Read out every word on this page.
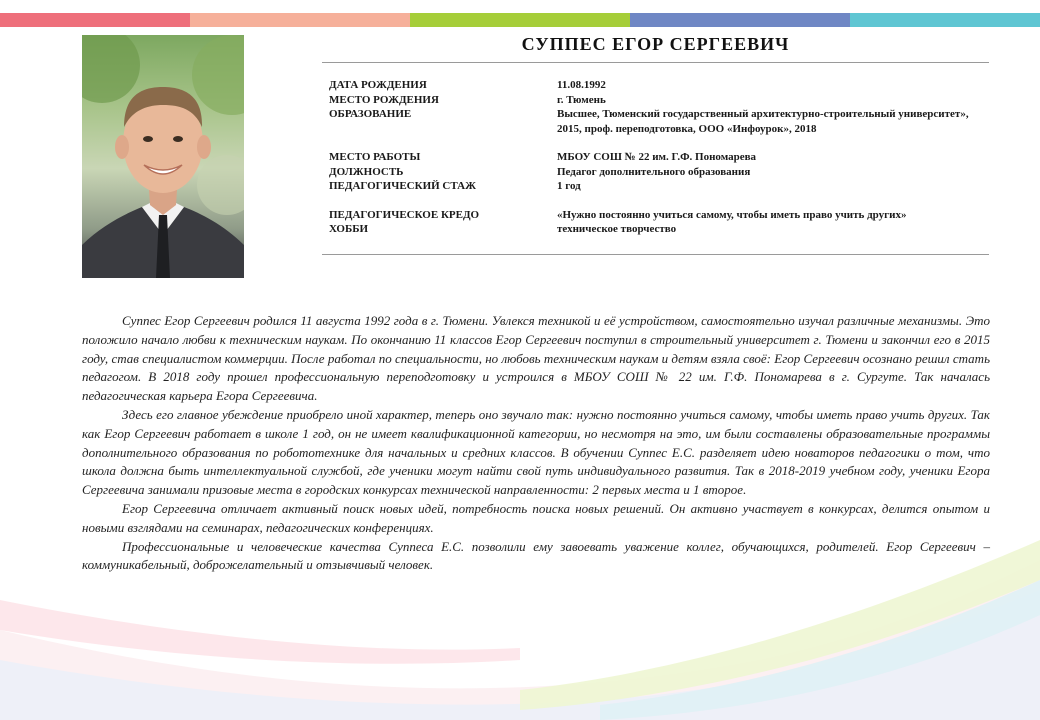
СУППЕС ЕГОР СЕРГЕЕВИЧ
ДАТА РОЖДЕНИЯ	11.08.1992
МЕСТО РОЖДЕНИЯ	г. Тюмень
ОБРАЗОВАНИЕ	Высшее, Тюменский государственный архитектурно-строительный университет», 2015, проф. переподготовка, ООО «Инфоурок», 2018
МЕСТО РАБОТЫ	МБОУ СОШ № 22 им. Г.Ф. Пономарева
ДОЛЖНОСТЬ	Педагог дополнительного образования
ПЕДАГОГИЧЕСКИЙ СТАЖ	1 год
ПЕДАГОГИЧЕСКОЕ КРЕДО	«Нужно постоянно учиться самому, чтобы иметь право учить других»
ХОББИ	техническое творчество

Суппес Егор Сергеевич родился 11 августа 1992 года в г. Тюмени. Увлекся техникой и её устройством, самостоятельно изучал различные механизмы. Это положило начало любви к техническим наукам. По окончанию 11 классов Егор Сергеевич поступил в строительный университет г. Тюмени и закончил его в 2015 году, став специалистом коммерции. После работал по специальности, но любовь техническим наукам и детям взяла своё: Егор Сергеевич осознано решил стать педагогом. В 2018 году прошел профессиональную переподготовку и устроился в МБОУ СОШ № 22 им. Г.Ф. Пономарева в г. Сургуте. Так началась педагогическая карьера Егора Сергеевича.

Здесь его главное убеждение приобрело иной характер, теперь оно звучало так: нужно постоянно учиться самому, чтобы иметь право учить других. Так как Егор Сергеевич работает в школе 1 год, он не имеет квалификационной категории, но несмотря на это, им были составлены образовательные программы дополнительного образования по робототехнике для начальных и средних классов. В обучении Суппес Е.С. разделяет идею новаторов педагогики о том, что школа должна быть интеллектуальной службой, где ученики могут найти свой путь индивидуального развития. Так в 2018-2019 учебном году, ученики Егора Сергеевича занимали призовые места в городских конкурсах технической направленности: 2 первых места и 1 второе.

Егор Сергеевича отличает активный поиск новых идей, потребность поиска новых решений. Он активно участвует в конкурсах, делится опытом и новыми взглядами на семинарах, педагогических конференциях.

Профессиональные и человеческие качества Суппеса Е.С. позволили ему завоевать уважение коллег, обучающихся, родителей. Егор Сергеевич – коммуникабельный, доброжелательный и отзывчивый человек.
